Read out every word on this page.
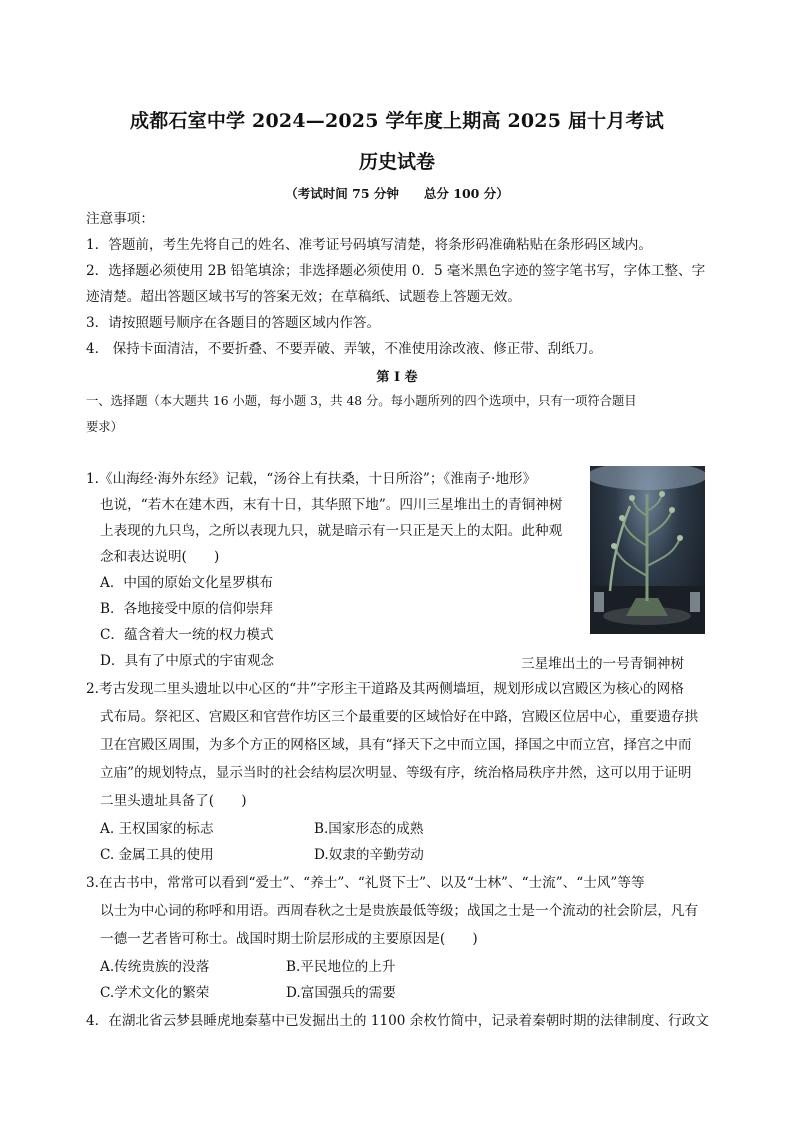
成都石室中学 2024—2025 学年度上期高 2025 届十月考试
历史试卷
（考试时间 75 分钟　　总分 100 分）
注意事项：
1．答题前，考生先将自己的姓名、准考证号码填写清楚，将条形码准确粘贴在条形码区域内。
2．选择题必须使用 2B 铅笔填涂；非选择题必须使用 0．5 毫米黑色字迹的签字笔书写，字体工整、字
迹清楚。超出答题区域书写的答案无效；在草稿纸、试题卷上答题无效。
3．请按照题号顺序在各题目的答题区域内作答。
4． 保持卡面清洁，不要折叠、不要弄破、弄皱，不准使用涂改液、修正带、刮纸刀。
第 Ⅰ 卷
一、选择题（本大题共 16 小题，每小题 3，共 48 分。每小题所列的四个选项中，只有一项符合题目
要求）
1.《山海经·海外东经》记载，“汤谷上有扶桑，十日所浴”；《淮南子·地形》
也说，“若木在建木西，末有十日，其华照下地”。四川三星堆出土的青铜神树
上表现的九只鸟，之所以表现九只，就是暗示有一只正是天上的太阳。此种观
念和表达说明(　　)
A．中国的原始文化星罗棋布
B．各地接受中原的信仰崇拜
C．蕴含着大一统的权力模式
D．具有了中原式的宇宙观念	三星堆出土的一号青铜神树
2.考古发现二里头遗址以中心区的“井”字形主干道路及其两侧墙垣，规划形成以宫殿区为核心的网格
式布局。祭祀区、宫殿区和官营作坊区三个最重要的区域恰好在中路，宫殿区位居中心，重要遗存拱
卫在宫殿区周围，为多个方正的网格区域，具有“择天下之中而立国，择国之中而立宫，择宫之中而
立庙”的规划特点，显示当时的社会结构层次明显、等级有序，统治格局秩序井然，这可以用于证明
二里头遗址具备了(　　)
A. 王权国家的标志	B.国家形态的成熟
C. 金属工具的使用	D.奴隶的辛勤劳动
3.在古书中，常常可以看到“爱士”、“养士”、“礼贤下士”、以及“士林”、“士流”、“士风”等等
以士为中心词的称呼和用语。西周春秋之士是贵族最低等级；战国之士是一个流动的社会阶层，凡有
一德一艺者皆可称士。战国时期士阶层形成的主要原因是(　　)
A.传统贵族的没落	B.平民地位的上升
C.学术文化的繁荣	D.富国强兵的需要
4．在湖北省云梦县睡虎地秦墓中已发掘出土的 1100 余枚竹简中，记录着秦朝时期的法律制度、行政文
